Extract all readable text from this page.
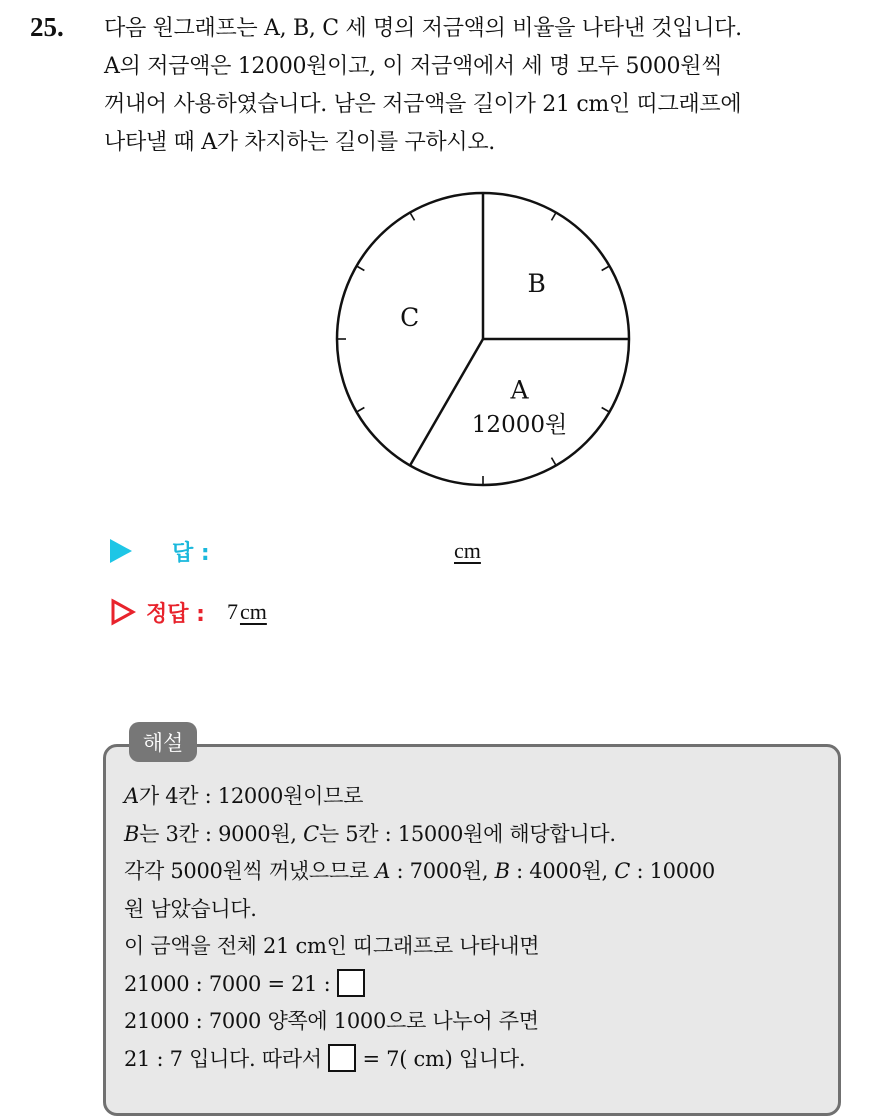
25. 다음 원그래프는 A, B, C 세 명의 저금액의 비율을 나타낸 것입니다.
A의 저금액은 12000원이고, 이 저금액에서 세 명 모두 5000원씩
꺼내어 사용하였습니다. 남은 저금액을 길이가 21 cm인 띠그래프에
나타낼 때 A가 차지하는 길이를 구하시오.
B
A
12000원
C
답 :	cm
정답 : 7cm
해설
A가 4칸 : 12000원이므로
B는 3칸 : 9000원, C는 5칸 : 15000원에 해당합니다.
각각 5000원씩 꺼냈으므로 A : 7000원, B : 4000원, C : 10000
원 남았습니다.
이 금액을 전체 21 cm인 띠그래프로 나타내면
21000 : 7000 = 21 :
21000 : 7000 양쪽에 1000으로 나누어 주면
21 : 7 입니다. 따라서  = 7( cm) 입니다.
